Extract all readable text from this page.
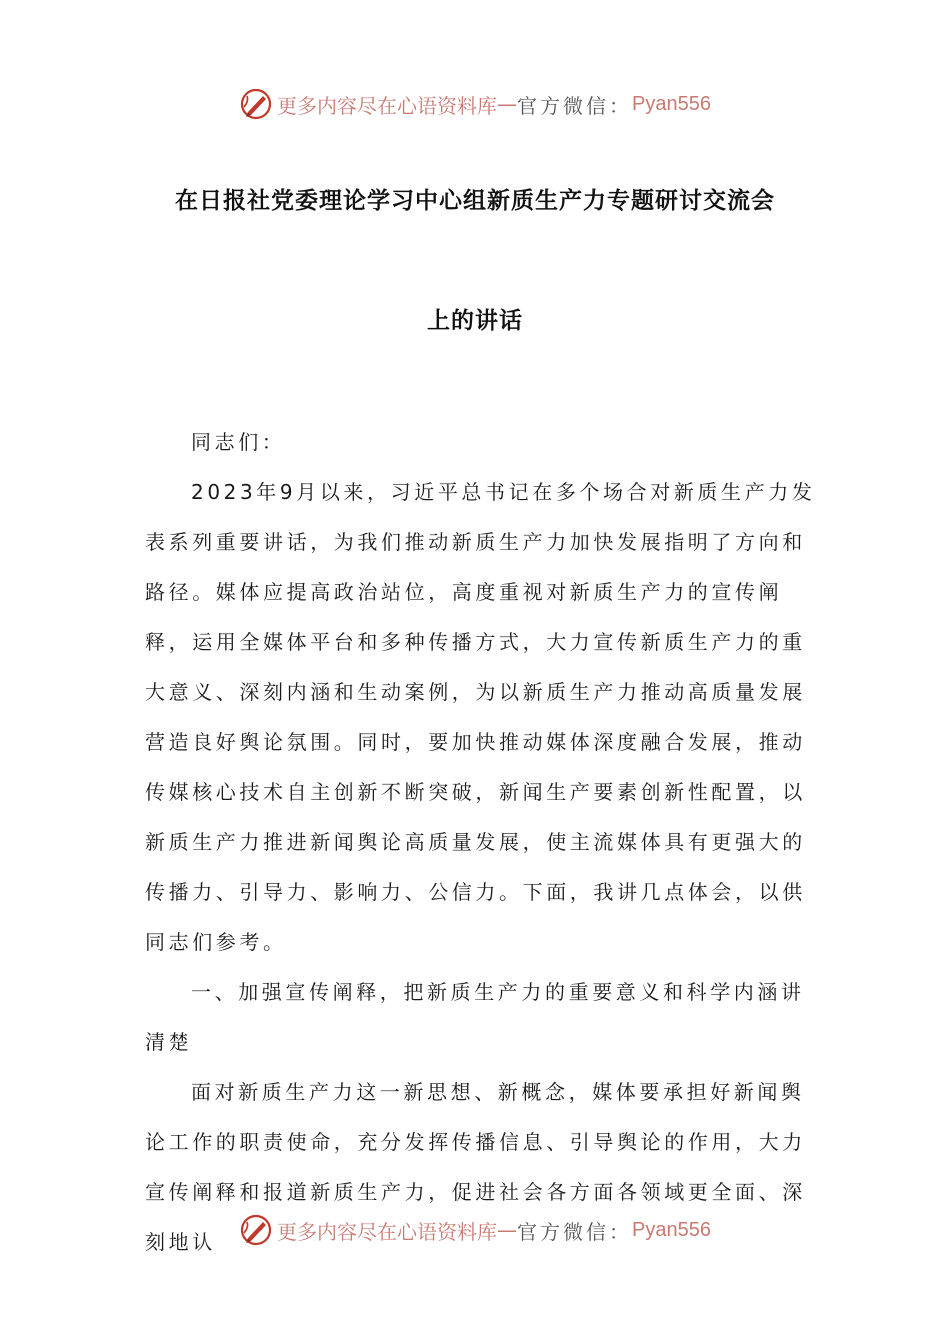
更多内容尽在心语资料库 — 官方微信： Pyan556
在日报社党委理论学习中心组新质生产力专题研讨交流会
上的讲话

同志们：

2023年9月以来，习近平总书记在多个场合对新质生产力发表系列重要讲话，为我们推动新质生产力加快发展指明了方向和路径。媒体应提高政治站位，高度重视对新质生产力的宣传阐释，运用全媒体平台和多种传播方式，大力宣传新质生产力的重大意义、深刻内涵和生动案例，为以新质生产力推动高质量发展营造良好舆论氛围。同时，要加快推动媒体深度融合发展，推动传媒核心技术自主创新不断突破，新闻生产要素创新性配置，以新质生产力推进新闻舆论高质量发展，使主流媒体具有更强大的传播力、引导力、影响力、公信力。下面，我讲几点体会，以供同志们参考。

一、加强宣传阐释，把新质生产力的重要意义和科学内涵讲清楚

面对新质生产力这一新思想、新概念，媒体要承担好新闻舆论工作的职责使命，充分发挥传播信息、引导舆论的作用，大力宣传阐释和报道新质生产力，促进社会各方面各领域更全面、深刻地认	更多内容尽在心语资料库 — 官方微信： Pyan556
